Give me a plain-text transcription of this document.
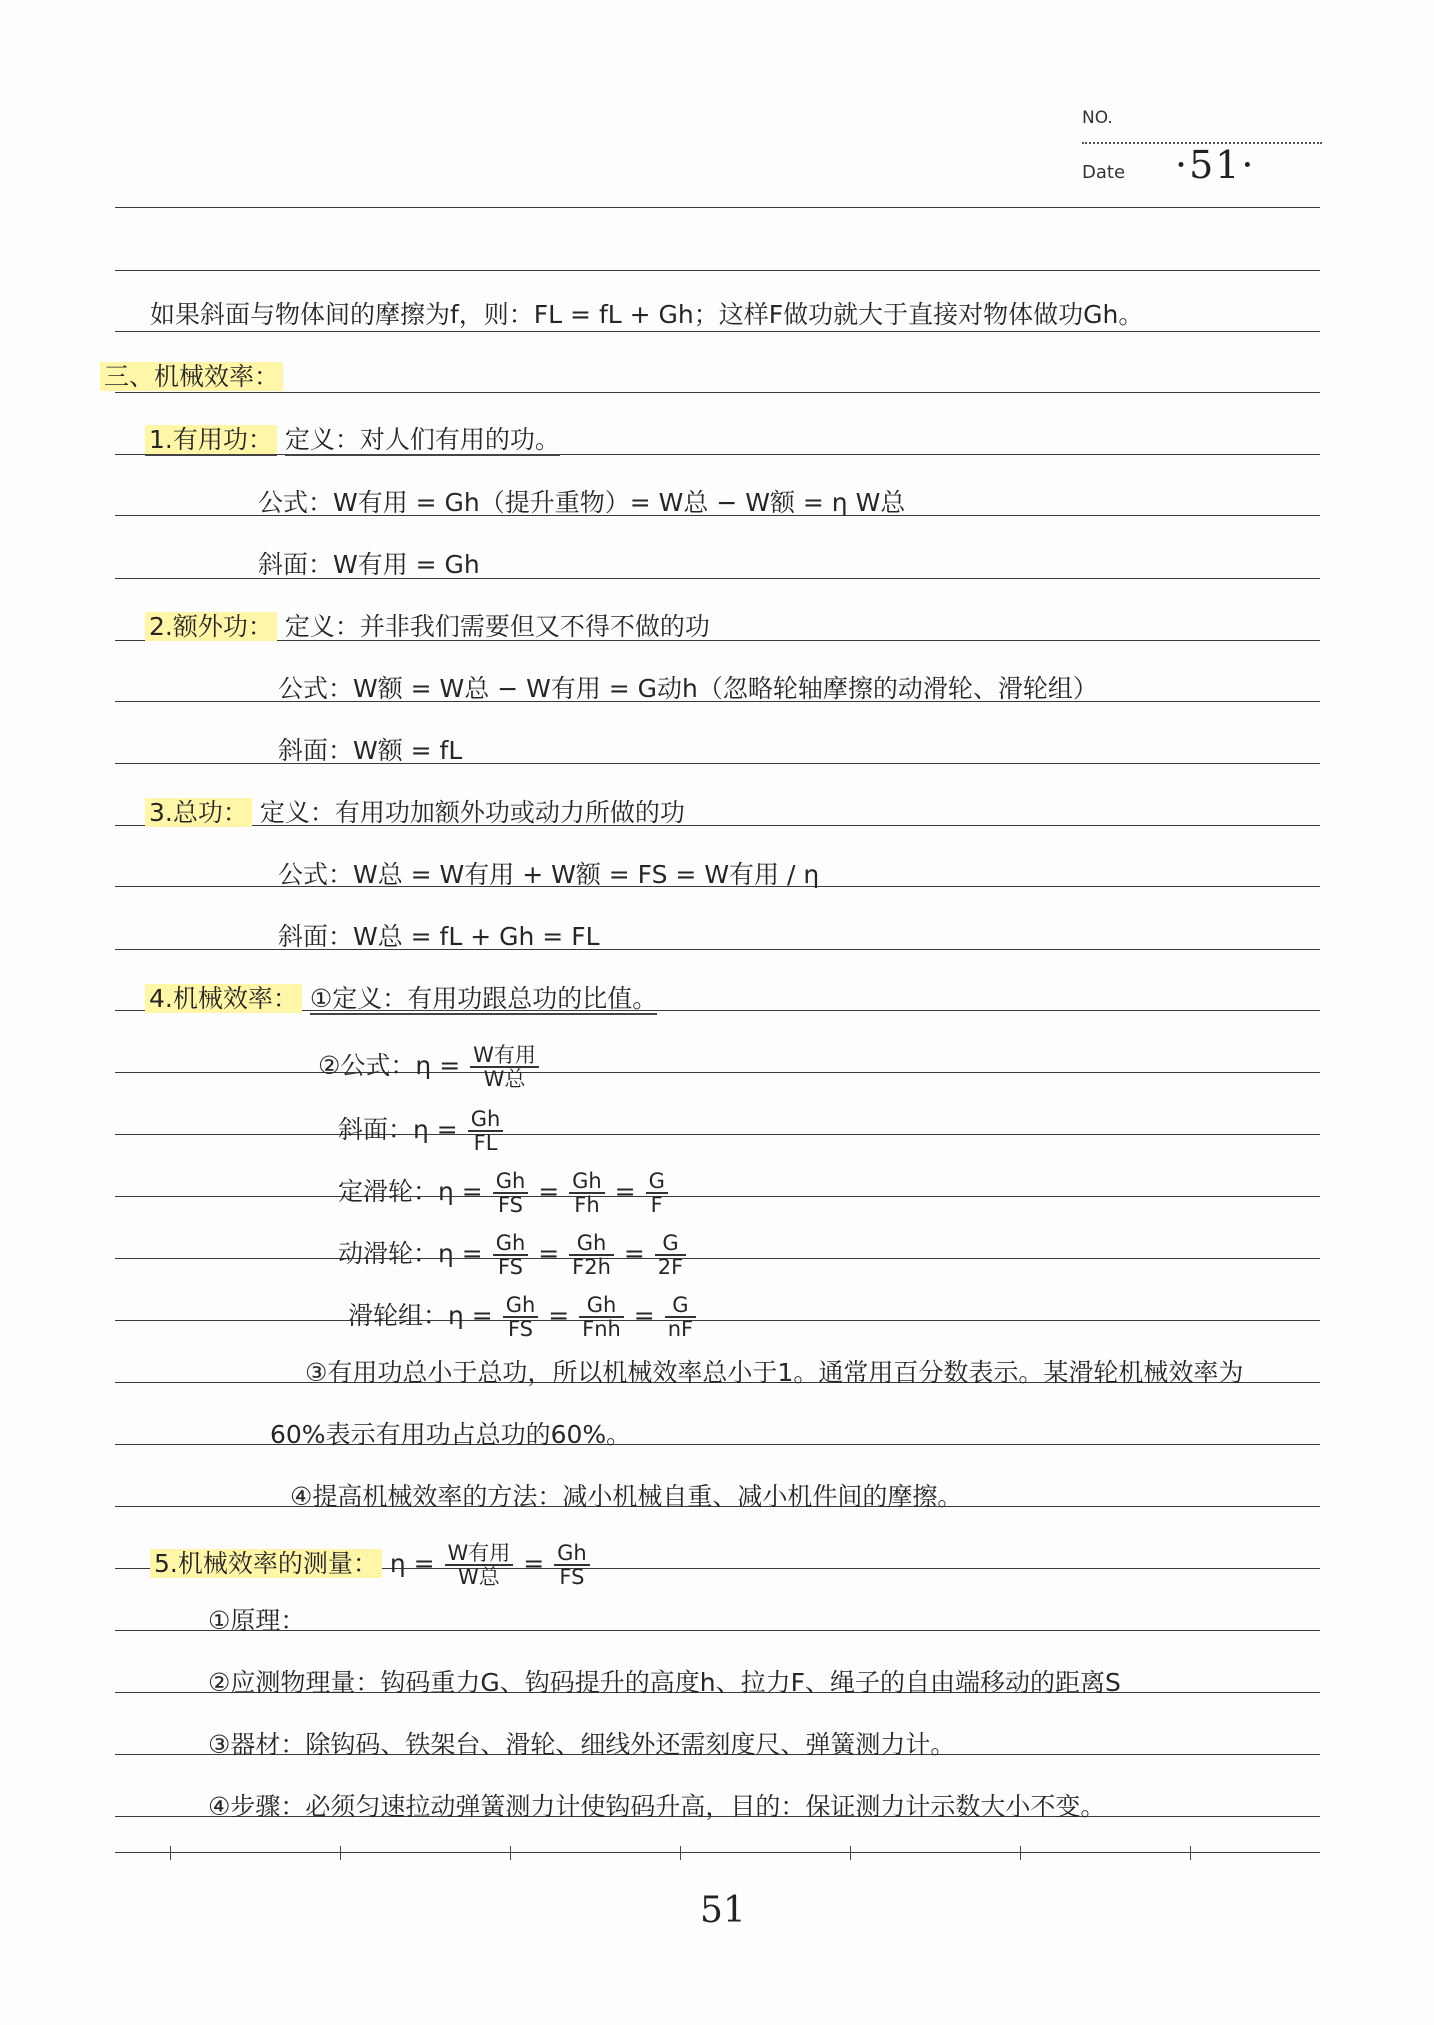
NO.
Date ·51·
如果斜面与物体间的摩擦为f，则：FL = fL + Gh；这样F做功就大于直接对物体做功Gh。
三、机械效率：
1.有用功： 定义：对人们有用的功。
公式：W有用 = Gh（提升重物）= W总 − W额 = η W总
斜面：W有用 = Gh
2.额外功： 定义：并非我们需要但又不得不做的功
公式：W额 = W总 − W有用 = G动h（忽略轮轴摩擦的动滑轮、滑轮组）
斜面：W额 = fL
3.总功： 定义：有用功加额外功或动力所做的功
公式：W总 = W有用 + W额 = FS = W有用 / η
斜面：W总 = fL + Gh = FL
4.机械效率： ①定义：有用功跟总功的比值。
②公式：$\eta = \frac{\text{W有用}}{\text{W总}}$
斜面：$\eta = \frac{Gh}{FL}$
定滑轮：$\eta = \frac{Gh}{FS} = \frac{Gh}{Fh} = \frac{G}{F}$
动滑轮：$\eta = \frac{Gh}{FS} = \frac{Gh}{F2h} = \frac{G}{2F}$
滑轮组：$\eta = \frac{Gh}{FS} = \frac{Gh}{\text{Fnh}} = \frac{G}{nF}$
③有用功总小于总功，所以机械效率总小于1。通常用百分数表示。某滑轮机械效率为
60%表示有用功占总功的60%。
④提高机械效率的方法：减小机械自重、减小机件间的摩擦。
5.机械效率的测量： $\eta = \frac{\text{W有用}}{\text{W总}} = \frac{Gh}{FS}$
①原理：
②应测物理量：钩码重力G、钩码提升的高度h、拉力F、绳子的自由端移动的距离S
③器材：除钩码、铁架台、滑轮、细线外还需刻度尺、弹簧测力计。
④步骤：必须匀速拉动弹簧测力计使钩码升高，目的：保证测力计示数大小不变。
51
